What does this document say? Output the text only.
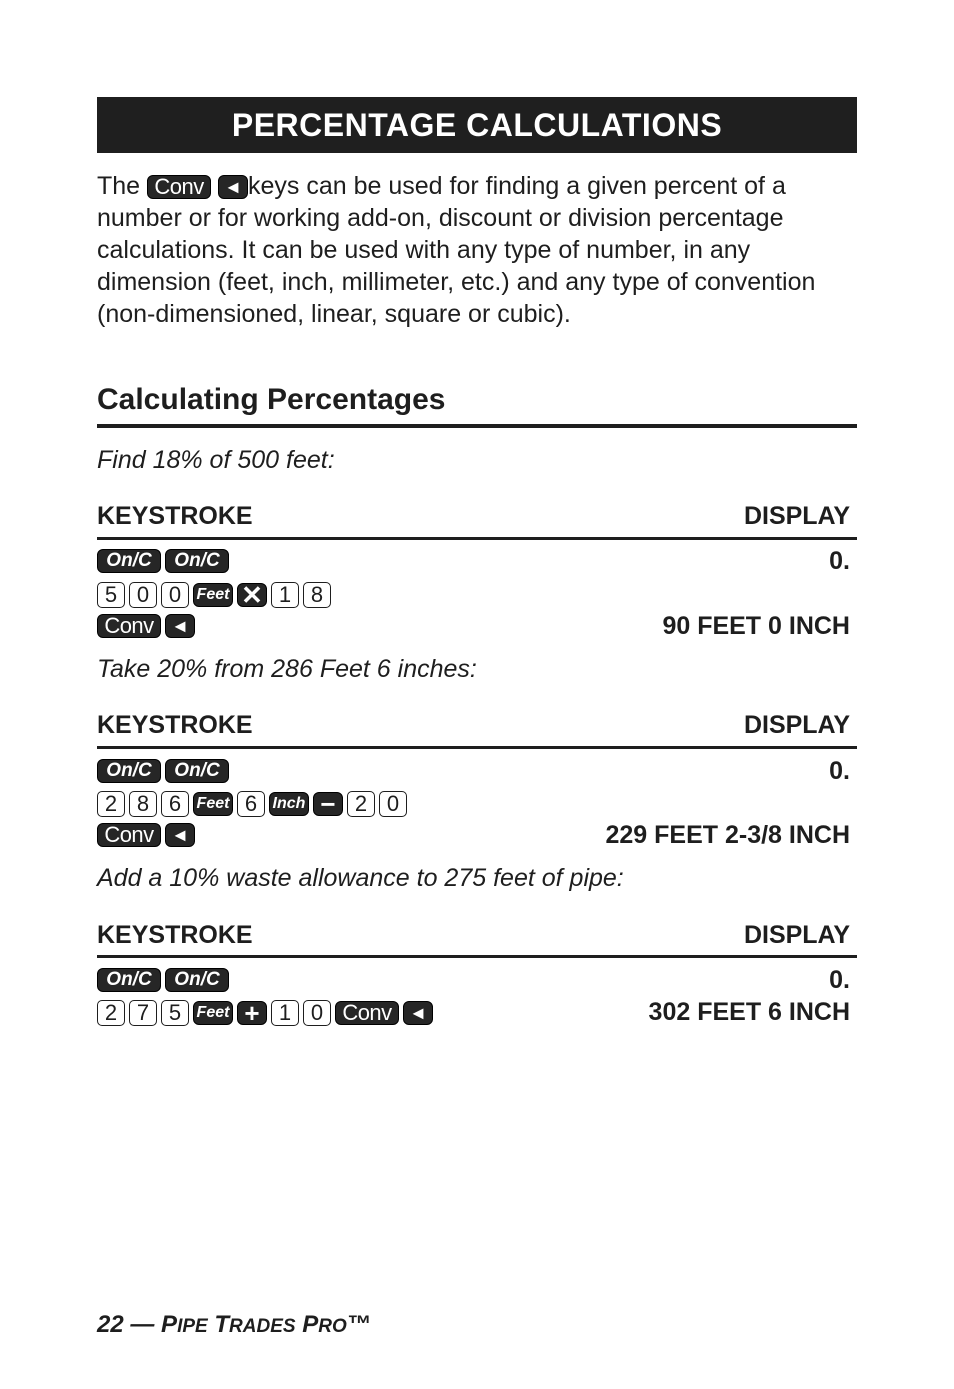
PERCENTAGE CALCULATIONS

The Conv ◄ keys can be used for finding a given percent of a

number or for working add-on, discount or division percentage

calculations. It can be used with any type of number, in any

dimension (feet, inch, millimeter, etc.) and any type of convention

(non-dimensioned, linear, square or cubic).

Calculating Percentages
Find 18% of 500 feet:
KEYSTROKE	DISPLAY
On/C	On/C	0.
5 0 0 Feet ✕ 1 8
Conv ◄	90 FEET 0 INCH
Take 20% from 286 Feet 6 inches:
KEYSTROKE	DISPLAY
On/C	On/C	0.
2 8 6 Feet 6 Inch − 2 0
Conv ◄	229 FEET 2-3/8 INCH
Add a 10% waste allowance to 275 feet of pipe:
KEYSTROKE	DISPLAY
On/C	On/C	0.
2 7 5 Feet + 1 0 Conv ◄	302 FEET 6 INCH
22 — PIPE TRADES PRO™
